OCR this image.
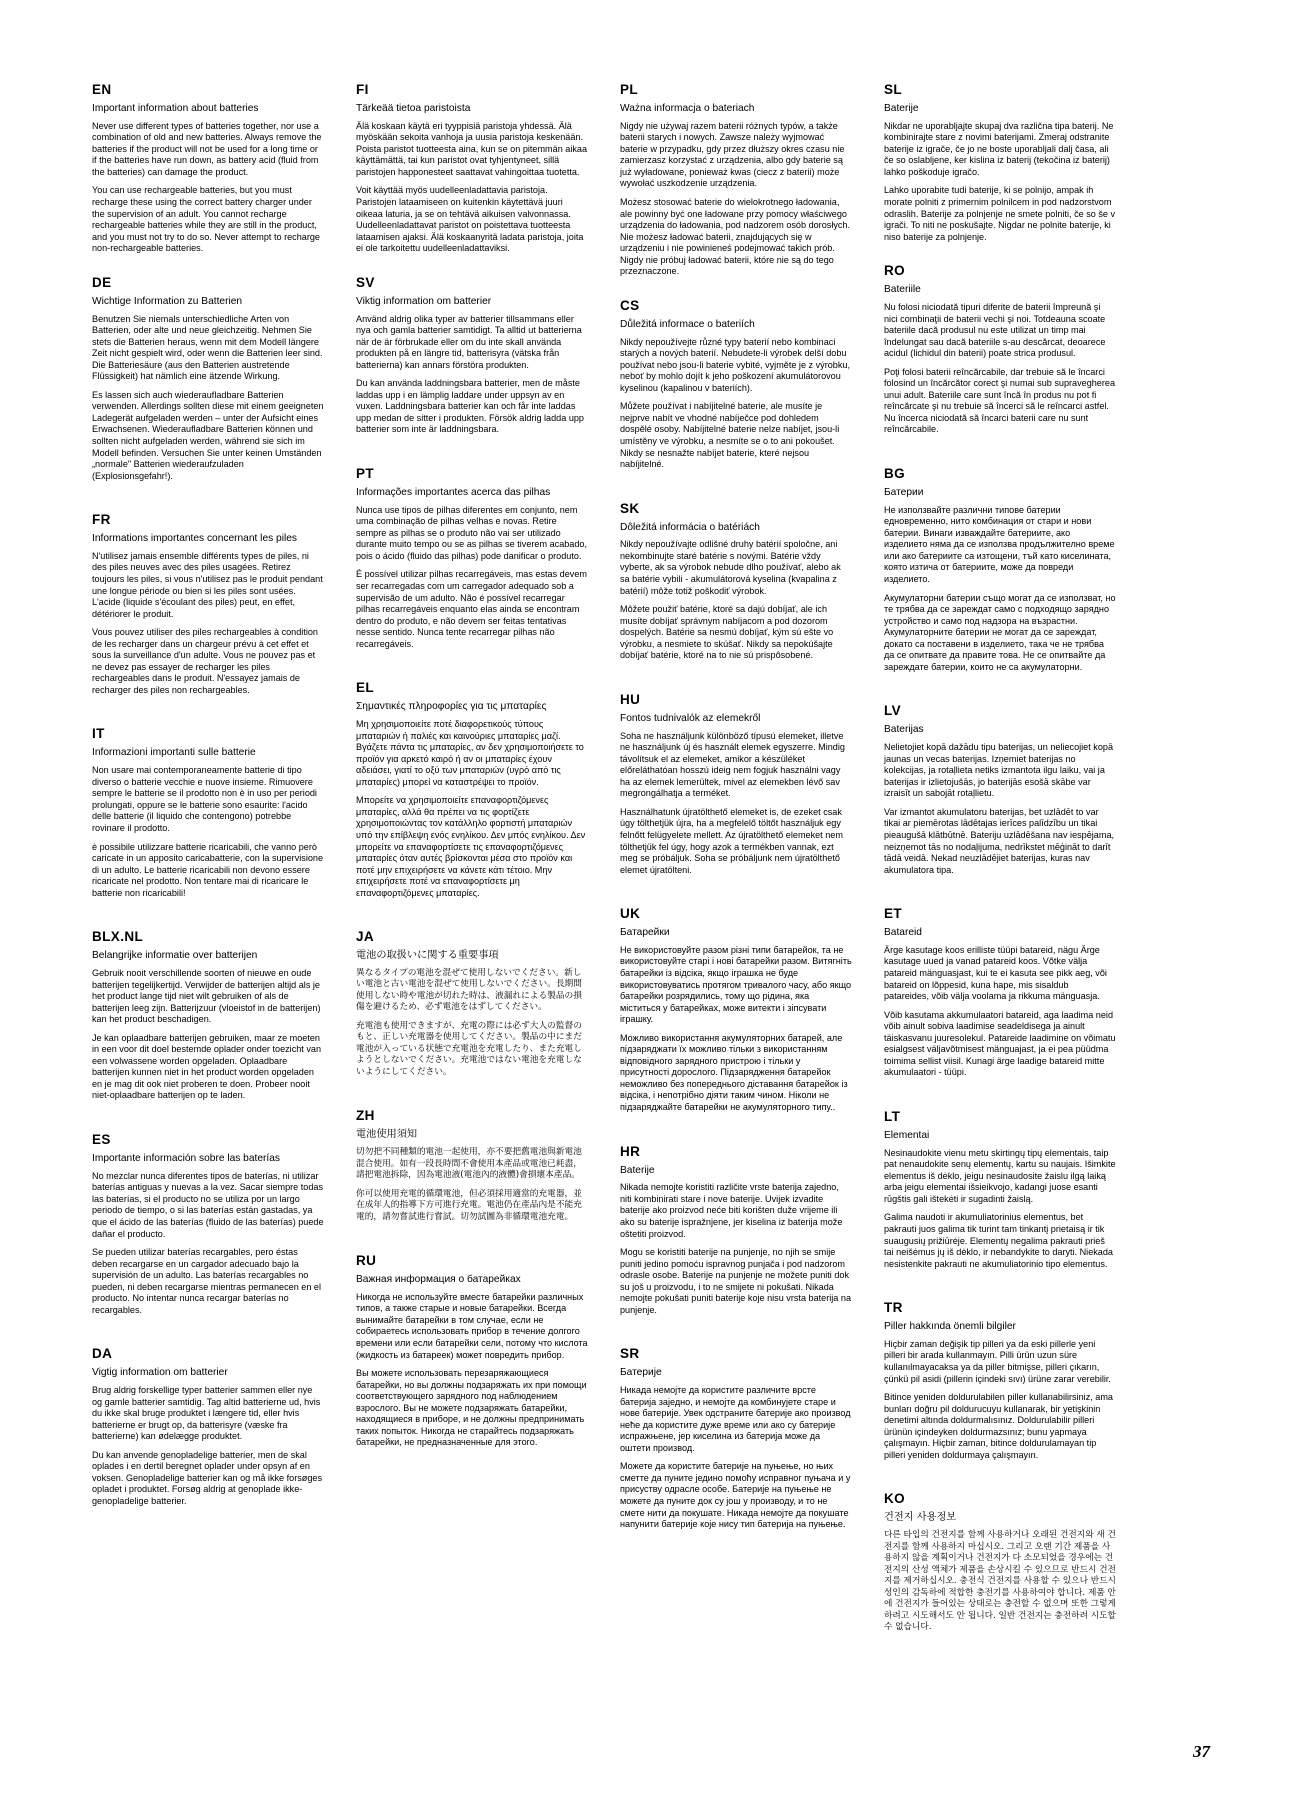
EN
Important information about batteries

Never use different types of batteries together, nor use a combination of old and new batteries. Always remove the batteries if the product will not be used for a long time or if the batteries have run down, as battery acid (fluid from the batteries) can damage the product.

You can use rechargeable batteries, but you must recharge these using the correct battery charger under the supervision of an adult. You cannot recharge rechargeable batteries while they are still in the product, and you must not try to do so. Never attempt to recharge non-rechargeable batteries.

DE
Wichtige Information zu Batterien

Benutzen Sie niemals unterschiedliche Arten von Batterien, oder alte und neue gleichzeitig. Nehmen Sie stets die Batterien heraus, wenn mit dem Modell längere Zeit nicht gespielt wird, oder wenn die Batterien leer sind. Die Batteriesäure (aus den Batterien austretende Flüssigkeit) hat nämlich eine ätzende Wirkung.

Es lassen sich auch wiederaufladbare Batterien verwenden. Allerdings sollten diese mit einem geeigneten Ladegerät aufgeladen werden – unter der Aufsicht eines Erwachsenen. Wiederaufladbare Batterien können und sollten nicht aufgeladen werden, während sie sich im Modell befinden. Versuchen Sie unter keinen Umständen „normale" Batterien wiederaufzuladen (Explosionsgefahr!).

FR
Informations importantes concernant les piles

N'utilisez jamais ensemble différents types de piles, ni des piles neuves avec des piles usagées. Retirez toujours les piles, si vous n'utilisez pas le produit pendant une longue période ou bien si les piles sont usées. L'acide (liquide s'écoulant des piles) peut, en effet, détériorer le produit.

Vous pouvez utiliser des piles rechargeables à condition de les recharger dans un chargeur prévu à cet effet et sous la surveillance d'un adulte. Vous ne pouvez pas et ne devez pas essayer de recharger les piles rechargeables dans le produit. N'essayez jamais de recharger des piles non rechargeables.

IT
Informazioni importanti sulle batterie

Non usare mai contemporaneamente batterie di tipo diverso o batterie vecchie e nuove insieme. Rimuovere sempre le batterie se il prodotto non è in uso per periodi prolungati, oppure se le batterie sono esaurite: l'acido delle batterie (il liquido che contengono) potrebbe rovinare il prodotto.

è possibile utilizzare batterie ricaricabili, che vanno però caricate in un apposito caricabatterie, con la supervisione di un adulto. Le batterie ricaricabili non devono essere ricaricate nel prodotto. Non tentare mai di ricaricare le batterie non ricaricabili!

BLX.NL
Belangrijke informatie over batterijen

Gebruik nooit verschillende soorten of nieuwe en oude batterijen tegelijkertijd. Verwijder de batterijen altijd als je het product lange tijd niet wilt gebruiken of als de batterijen leeg zijn. Batterijzuur (vloeistof in de batterijen) kan het product beschadigen.

Je kan oplaadbare batterijen gebruiken, maar ze moeten in een voor dit doel bestemde oplader onder toezicht van een volwassene worden opgeladen. Oplaadbare batterijen kunnen niet in het product worden opgeladen en je mag dit ook niet proberen te doen. Probeer nooit niet-oplaadbare batterijen op te laden.

ES
Importante información sobre las baterías

No mezclar nunca diferentes tipos de baterías, ni utilizar baterías antiguas y nuevas a la vez. Sacar siempre todas las baterías, si el producto no se utiliza por un largo periodo de tiempo, o si las baterías están gastadas, ya que el ácido de las baterías (fluido de las baterías) puede dañar el producto.

Se pueden utilizar baterías recargables, pero éstas deben recargarse en un cargador adecuado bajo la supervisión de un adulto. Las baterías recargables no pueden, ni deben recargarse mientras permanecen en el producto. No intentar nunca recargar baterías no recargables.

DA
Vigtig information om batterier

Brug aldrig forskellige typer batterier sammen eller nye og gamle batterier samtidig. Tag altid batterierne ud, hvis du ikke skal bruge produktet i længere tid, eller hvis batterierne er brugt op, da batterisyre (væske fra batterierne) kan ødelægge produktet.

Du kan anvende genopladelige batterier, men de skal oplades i en dertil beregnet oplader under opsyn af en voksen. Genopladelige batterier kan og må ikke forsøges opladet i produktet. Forsøg aldrig at genoplade ikke-genopladelige batterier.

FI
Tärkeää tietoa paristoista

Älä koskaan käytä eri tyyppisiä paristoja yhdessä. Älä myöskään sekoita vanhoja ja uusia paristoja keskenään. Poista paristot tuotteesta aina, kun se on pitemmän aikaa käyttämättä, tai kun paristot ovat tyhjentyneet, sillä paristojen happonesteet saattavat vahingoittaa tuotetta.

Voit käyttää myös uudelleenladattavia paristoja. Paristojen lataamiseen on kuitenkin käytettävä juuri oikeaa laturia, ja se on tehtävä aikuisen valvonnassa. Uudelleenladattavat paristot on poistettava tuotteesta lataamisen ajaksi. Älä koskaanyritä ladata paristoja, joita ei ole tarkoitettu uudelleenladattaviksi.

SV
Viktig information om batterier

Använd aldrig olika typer av batterier tillsammans eller nya och gamla batterier samtidigt. Ta alltid ut batterierna när de är förbrukade eller om du inte skall använda produkten på en längre tid, batterisyra (vätska från batterierna) kan annars förstöra produkten.

Du kan använda laddningsbara batterier, men de måste laddas upp i en lämplig laddare under uppsyn av en vuxen. Laddningsbara batterier kan och får inte laddas upp medan de sitter i produkten. Försök aldrig ladda upp batterier som inte är laddningsbara.

PT
Informações importantes acerca das pilhas

Nunca use tipos de pilhas diferentes em conjunto, nem uma combinação de pilhas velhas e novas. Retire sempre as pilhas se o produto não vai ser utilizado durante muito tempo ou se as pilhas se tiverem acabado, pois o ácido (fluido das pilhas) pode danificar o produto.

É possível utilizar pilhas recarregáveis, mas estas devem ser recarregadas com um carregador adequado sob a supervisão de um adulto. Não é possível recarregar pilhas recarregáveis enquanto elas ainda se encontram dentro do produto, e não devem ser feitas tentativas nesse sentido. Nunca tente recarregar pilhas não recarregáveis.

EL
Σημαντικές πληροφορίες για τις μπαταρίες

Μη χρησιμοποιείτε ποτέ διαφορετικούς τύπους μπαταριών ή παλιές και καινούριες μπαταρίες μαζί. Βγάζετε πάντα τις μπαταρίες, αν δεν χρησιμοποιήσετε το προϊόν για αρκετό καιρό ή αν οι μπαταρίες έχουν αδειάσει, γιατί το οξύ των μπαταριών (υγρό από τις μπαταρίες) μπορεί να καταστρέψει το προϊόν.

Μπορείτε να χρησιμοποιείτε επαναφορτιζόμενες μπαταρίες, αλλά θα πρέπει να τις φορτίζετε χρησιμοποιώντας τον κατάλληλο φορτιστή μπαταριών υπό την επίβλεψη ενός ενηλίκου. Δεν μπός ενηλίκου. Δεν μπορείτε να επαναφορτίσετε τις επαναφορτιζόμενες μπαταρίες όταν αυτές βρίσκονται μέσα στο προϊόν και ποτέ μην επιχειρήσετε να κάνετε κάτι τέτοιο. Μην επιχειρήσετε ποτέ να επαναφορτίσετε μη επαναφορτιζόμενες μπαταρίες.

JA
電池の取扱いに関する重要事項

異なるタイプの電池を混ぜて使用しないでください。新しい電池と古い電池を混ぜて使用しないでください。長期間使用しない時や電池が切れた時は、液漏れによる製品の損傷を避けるため、必ず電池をはずしてください。

充電池も使用できますが、充電の際には必ず大人の監督のもと、正しい充電器を使用してください。製品の中にまだ電池が入っている状態で充電池を充電したり、また充電しようとしないでください。充電池ではない電池を充電しないようにしてください。

ZH
電池使用須知

切勿把不同種類的電池一起使用，亦不要把舊電池與新電池混合使用。如有一段長時間不會使用本產品或電池已耗盡，請把電池拆除，因為電池液(電池內的液體)會損壞本產品。

你可以使用充電的循環電池，但必須採用適當的充電器，並在成年人的指導下方可進行充電。電池仍在產品內是不能充電的，請勿嘗試進行嘗試。切勿試圖為非循環電池充電。

RU
Важная информация о батарейках

Никогда не используйте вместе батарейки различных типов, а также старые и новые батарейки. Всегда вынимайте батарейки в том случае, если не собираетесь использовать прибор в течение долгого времени или если батарейки сели, потому что кислота (жидкость из батареек) может повредить прибор.

Вы можете использовать перезаряжающиеся батарейки, но вы должны подзаряжать их при помощи соответствующего зарядного под наблюдением взрослого. Вы не можете подзаряжать батарейки, находящиеся в приборе, и не должны предпринимать таких попыток. Никогда не старайтесь подзаряжать батарейки, не предназначенные для этого.

PL
Ważna informacja o bateriach

Nigdy nie używaj razem baterii różnych typów, a także baterii starych i nowych. Zawsze należy wyjmować baterie w przypadku, gdy przez dłuższy okres czasu nie zamierzasz korzystać z urządzenia, albo gdy baterie są już wyładowane, ponieważ kwas (ciecz z baterii) może wywołać uszkodzenie urządzenia.

Możesz stosować baterie do wielokrotnego ładowania, ale powinny być one ładowane przy pomocy właściwego urządzenia do ładowania, pod nadzorem osób dorosłych. Nie możesz ładować baterii, znajdujących się w urządzeniu i nie powinieneś podejmować takich prób. Nigdy nie próbuj ładować baterii, które nie są do tego przeznaczone.

CS
Důležitá informace o bateriích

Nikdy nepoužívejte různé typy baterií nebo kombinaci starých a nových baterií. Nebudete-li výrobek delší dobu používat nebo jsou-li baterie vybité, vyjměte je z výrobku, neboť by mohlo dojít k jeho poškození akumulátorovou kyselinou (kapalinou v bateriích).

Můžete používat i nabíjitelné baterie, ale musíte je nejprve nabít ve vhodné nabíječce pod dohledem dospělé osoby. Nabíjitelné baterie nelze nabíjet, jsou-li umístěny ve výrobku, a nesmíte se o to ani pokoušet. Nikdy se nesnažte nabíjet baterie, které nejsou nabíjitelné.

SK
Dôležitá informácia o batériách

Nikdy nepoužívajte odlišné druhy batérií spoločne, ani nekombinujte staré batérie s novými. Batérie vždy vyberte, ak sa výrobok nebude dlho používať, alebo ak sa batérie vybili - akumulátorová kyselina (kvapalina z batérií) môže totiž poškodiť výrobok.

Môžete použiť batérie, ktoré sa dajú dobíjať, ale ich musíte dobíjať správnym nabíjacom a pod dozorom dospelých. Batérie sa nesmú dobíjať, kým sú ešte vo výrobku, a nesmiete to skúšať. Nikdy sa nepokúšajte dobíjať batérie, ktoré na to nie sú prispôsobené.

HU
Fontos tudnivalók az elemekről

Soha ne használjunk különböző típusú elemeket, illetve ne használjunk új és használt elemek egyszerre. Mindig távolítsuk el az elemeket, amikor a készüléket előreláthatóan hosszú ideig nem fogjuk használni vagy ha az elemek lemerültek, mivel az elemekben lévő sav megrongálhatja a terméket.

Használhatunk újratölthető elemeket is, de ezeket csak úgy tölthetjük újra, ha a megfelelő töltőt használjuk egy felnőtt felügyelete mellett. Az újratölthető elemeket nem tölthetjük fel úgy, hogy azok a termékben vannak, ezt meg se próbáljuk. Soha se próbáljunk nem újratölthető elemet újratölteni.

UK
Батарейки

Не використовуйте разом різні типи батарейок, та не використовуйте старі і нові батарейки разом. Витягніть батарейки із відсіка, якщо іграшка не буде використовуватись протягом тривалого часу, або якщо батарейки розрядились, тому що рідина, яка міститься у батарейках, може витекти і зіпсувати іграшку.

Можливо використання акумуляторних батарей, але підзаряджати їх можливо тільки з використанням відповідного зарядного пристрою і тільки у присутності дорослого. Підзарядження батарейок неможливо без попереднього діставання батарейок із відсіка, і непотрібно діяти таким чином. Ніколи не підзаряджайте батарейки не акумуляторного типу..

HR
Baterije

Nikada nemojte koristiti različite vrste baterija zajedno, niti kombinirati stare i nove baterije. Uvijek izvadite baterije ako proizvod neće biti korišten duže vrijeme ili ako su baterije ispražnjene, jer kiselina iz baterija može oštetiti proizvod.

Mogu se koristiti baterije na punjenje, no njih se smije puniti jedino pomoću ispravnog punjača i pod nadzorom odrasle osobe. Baterije na punjenje ne možete puniti dok su još u proizvodu, i to ne smijete ni pokušati. Nikada nemojte pokušati puniti baterije koje nisu vrsta baterija na punjenje.

SR
Батерије

Никада немојте да користите различите врсте батерија заједно, и немојте да комбинујете старе и нове батерије. Увек одстраните батерије ако производ неће да користите дуже време или ако су батерије испражњене, јер киселина из батерија може да оштети производ.

Можете да користите батерије на пуњење, но њих сметте да пуните једино помоћу исправног пуњача и у присуству одрасле особе. Батерије на пуњење не можете да пуните док су још у производу, и то не смете нити да покушате. Никада немојте да покушате напунити батерије које нису тип батерија на пуњење.

SL
Baterije

Nikdar ne uporabljajte skupaj dva različna tipa baterij. Ne kombinirajte stare z novimi baterijami. Zmeraj odstranite baterije iz igrače, če jo ne boste uporabljali dalj časa, ali če so oslabljene, ker kislina iz baterij (tekočina iz baterij) lahko poškoduje igračo.

Lahko uporabite tudi baterije, ki se polnijo, ampak ih morate polniti z primernim polnilcem in pod nadzorstvom odraslih. Baterije za polnjenje ne smete polniti, če so še v igrači. To niti ne poskušajte. Nigdar ne polnite baterije, ki niso baterije za polnjenje.

RO
Bateriile

Nu folosi niciodată tipuri diferite de baterii împreună şi nici combinaţii de baterii vechi şi noi. Totdeauna scoate bateriile dacă produsul nu este utilizat un timp mai îndelungat sau dacă bateriile s-au descărcat, deoarece acidul (lichidul din baterii) poate strica produsul.

Poţi folosi baterii reîncărcabile, dar trebuie să le încarci folosind un încărcător corect şi numai sub supravegherea unui adult. Bateriile care sunt încă în produs nu pot fi reîncărcate şi nu trebuie să încerci să le reîncarci astfel. Nu încerca niciodată să încarci baterii care nu sunt reîncărcabile.

BG
Батерии

Не използвайте различни типове батерии едновременно, нито комбинация от стари и нови батерии. Винаги изваждайте батериите, ако изделието няма да се използва продължително време или ако батериите са изтощени, тъй като киселината, която изтича от батериите, може да повреди изделието.

Акумулаторни батерии също могат да се използват, но те трябва да се зареждат само с подходящо зарядно устройство и само под надзора на възрастни. Акумулаторните батерии не могат да се зареждат, докато са поставени в изделието, така че не трябва да се опитвате да правите това. Не се опитвайте да зареждате батерии, които не са акумулаторни.

LV
Baterijas

Nelietojiet kopā dažādu tipu baterijas, un neliecojiet kopā jaunas un vecas baterijas. Izņemiet baterijas no kolekcijas, ja rotaļlieta netiks izmantota ilgu laiku, vai ja baterijas ir izlietojušās, jo baterijās esošā skābe var izraisīt un sabojāt rotaļlietu.

Var izmantot akumulatoru baterijas, bet uzlādēt to var tikai ar piemērotas lādētajas ierīces palīdzību un tikai pieaugušā klātbūtnē. Bateriju uzlādēšana nav iespējama, neizņemot tās no nodaļijuma, nedrīkstet mēģināt to darīt tādā veidā. Nekad neuzlādējiet baterijas, kuras nav akumulatora tipa.

ET
Batareid

Ärge kasutage koos erilliste tüüpi batareid, nägu Ärge kasutage uued ja vanad patareid koos. Võtke välja patareid mänguasjast, kui te ei kasuta see pikk aeg, või batareid on lõppesid, kuna hape, mis sisaldub patareides, võib välja voolama ja rikkuma mänguasja.

Võib kasutama akkumulaatori batareid, aga laadima neid võib ainult sobiva laadimise seadeldisega ja ainult täiskasvanu juuresolekul. Patareide laadimine on võimatu esialgsest väljavõtmisest mänguajast, ja ei pea püüdma toimima sellist viisil. Kunagi ärge laadige batareid mitte akumulaatori - tüüpi.

LT
Elementai

Nesinaudokite vienu metu skirtingų tipų elementais, taip pat nenaudokite senų elementų, kartu su naujais. Išimkite elementus iš dėklo, jeigu nesinaudosite žaislu ilgą laiką arba jeigu elementai išsieikvojo, kadangi juose esanti rūgštis gali ištekėti ir sugadinti žaislą.

Galima naudoti ir akumuliatorinius elementus, bet pakrauti juos galima tik turint tam tinkantį prietaisą ir tik suaugusių prižiūrėje. Elementų negalima pakrauti prieš tai neišėmus jų iš dėklo, ir nebandykite to daryti. Niekada nesistenkite pakrauti ne akumuliatorinio tipo elementus.

TR
Piller hakkında önemli bilgiler

Hiçbir zaman değişik tip pilleri ya da eski pillerle yeni pilleri bir arada kullanmayın. Pilli ürün uzun süre kullanılmayacaksa ya da piller bitmişse, pilleri çıkarın, çünkü pil asidi (pillerin içindeki sıvı) ürüne zarar verebilir.

Bitince yeniden doldurulabilen piller kullanabilirsiniz, ama bunları doğru pil doldurucuyu kullanarak, bir yetişkinin denetimi altında doldurmalısınız. Doldurulabilir pilleri ürünün içindeyken doldurmazsınız; bunu yapmaya çalışmayın. Hiçbir zaman, bitince doldurulamayan tip pilleri yeniden doldurmaya çalışmayın.

KO
건전지 사용정보

다른 타입의 건전지를 함께 사용하거나 오래된 건전지와 새 건전지를 함께 사용하지 마십시오. 그리고 오랜 기간 제품을 사용하지 않을 계획이거나 건전지가 다 소모되었을 경우에는 건전지의 산성 액체가 제품을 손상시킬 수 있으므로 반드시 건전지를 제거하십시오. 충전식 건전지를 사용할 수 있으나 반드시 성인의 감독하에 적합한 충전기를 사용하여야 합니다. 제품 안에 건전지가 들어있는 상태로는 충전할 수 없으며 또한 그렇게 하려고 시도해서도 안 됩니다. 일반 건전지는 충전하려 시도할 수 없습니다.

37
